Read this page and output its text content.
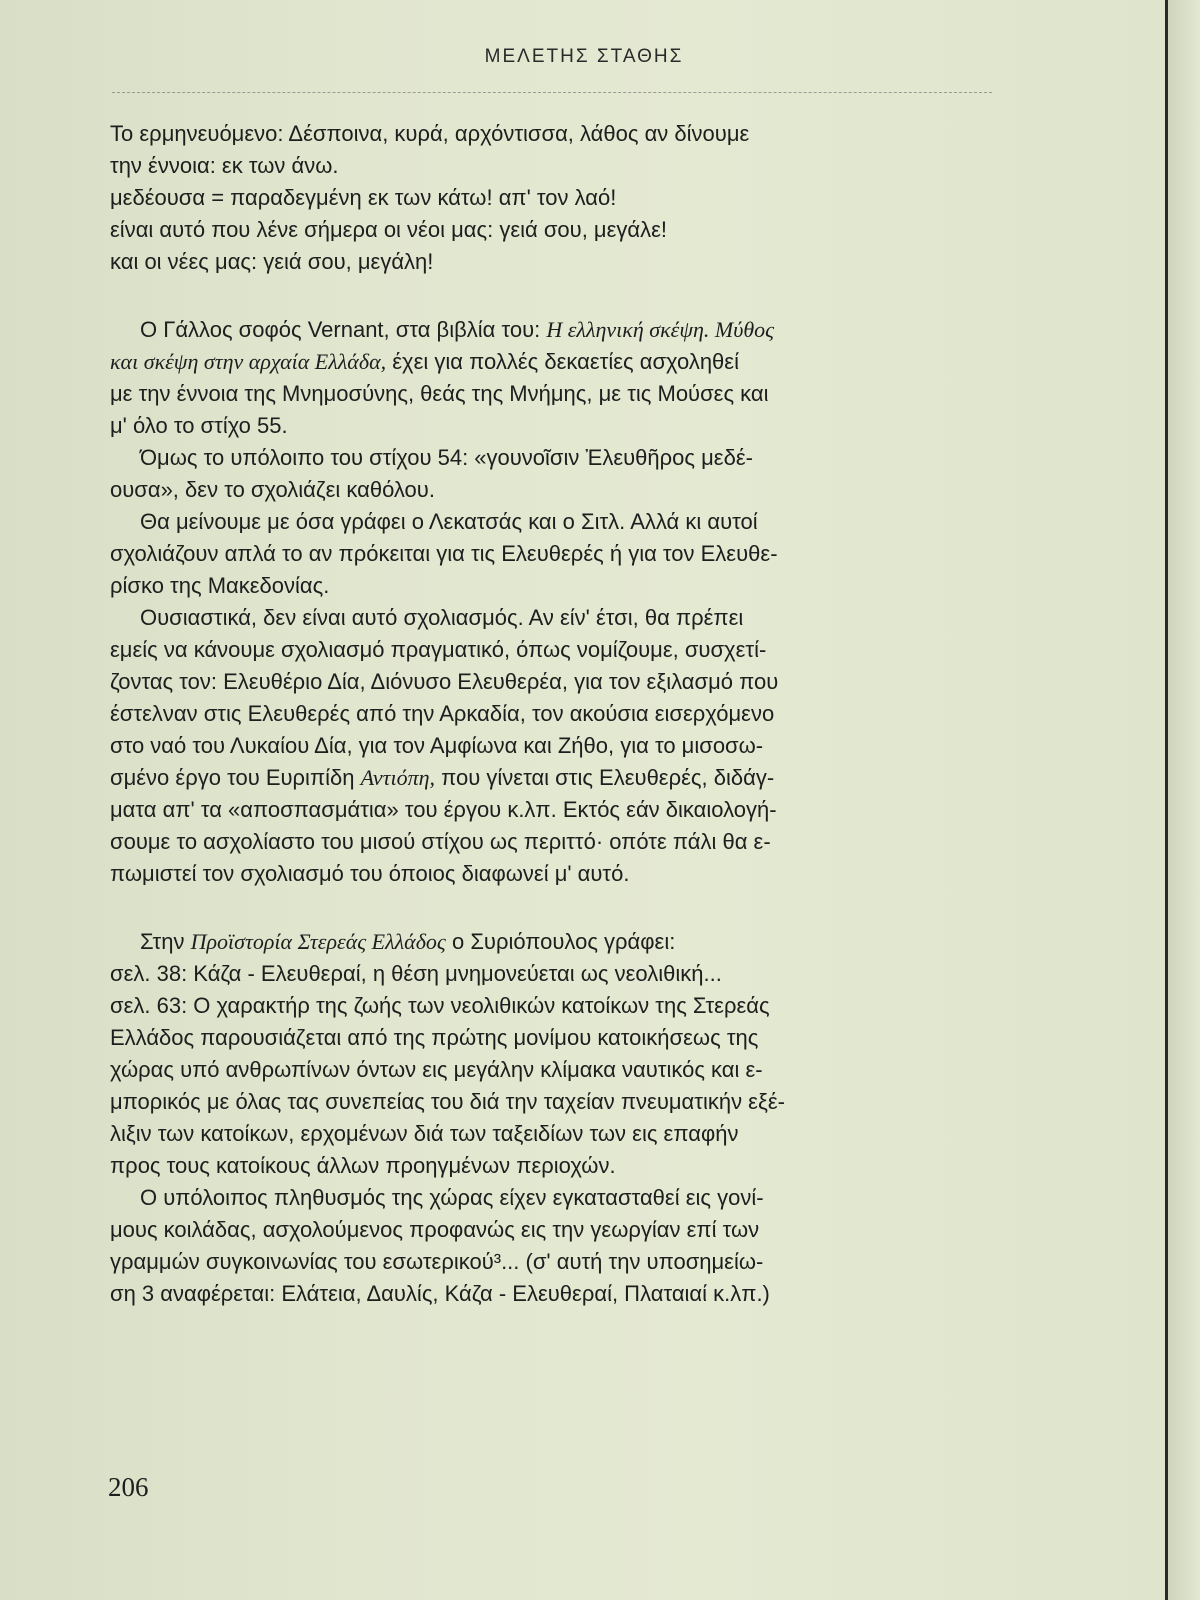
ΜΕΛΕΤΗΣ ΣΤΑΘΗΣ
Το ερμηνευόμενο: Δέσποινα, κυρά, αρχόντισσα, λάθος αν δίνουμε
την έννοια: εκ των άνω.
μεδέουσα = παραδεγμένη εκ των κάτω! απ' τον λαό!
είναι αυτό που λένε σήμερα οι νέοι μας: γειά σου, μεγάλε!
και οι νέες μας: γειά σου, μεγάλη!
Ο Γάλλος σοφός Vernant, στα βιβλία του: Η ελληνική σκέψη. Μύθος
και σκέψη στην αρχαία Ελλάδα, έχει για πολλές δεκαετίες ασχοληθεί
με την έννοια της Μνημοσύνης, θεάς της Μνήμης, με τις Μούσες και
μ' όλο το στίχο 55.
Όμως το υπόλοιπο του στίχου 54: «γουνοῖσιν Ἐλευθῆρος μεδέ-
ουσα», δεν το σχολιάζει καθόλου.
Θα μείνουμε με όσα γράφει ο Λεκατσάς και ο Σιτλ. Αλλά κι αυτοί
σχολιάζουν απλά το αν πρόκειται για τις Ελευθερές ή για τον Ελευθε-
ρίσκο της Μακεδονίας.
Ουσιαστικά, δεν είναι αυτό σχολιασμός. Αν είν' έτσι, θα πρέπει
εμείς να κάνουμε σχολιασμό πραγματικό, όπως νομίζουμε, συσχετί-
ζοντας τον: Ελευθέριο Δία, Διόνυσο Ελευθερέα, για τον εξιλασμό που
έστελναν στις Ελευθερές από την Αρκαδία, τον ακούσια εισερχόμενο
στο ναό του Λυκαίου Δία, για τον Αμφίωνα και Ζήθο, για το μισοσω-
σμένο έργο του Ευριπίδη Αντιόπη, που γίνεται στις Ελευθερές, διδάγ-
ματα απ' τα «αποσπασμάτια» του έργου κ.λπ. Εκτός εάν δικαιολογή-
σουμε το ασχολίαστο του μισού στίχου ως περιττό· οπότε πάλι θα ε-
πωμιστεί τον σχολιασμό του όποιος διαφωνεί μ' αυτό.
Στην Προϊστορία Στερεάς Ελλάδος ο Συριόπουλος γράφει:
σελ. 38: Κάζα - Ελευθεραί, η θέση μνημονεύεται ως νεολιθική...
σελ. 63: Ο χαρακτήρ της ζωής των νεολιθικών κατοίκων της Στερεάς
Ελλάδος παρουσιάζεται από της πρώτης μονίμου κατοικήσεως της
χώρας υπό ανθρωπίνων όντων εις μεγάλην κλίμακα ναυτικός και ε-
μπορικός με όλας τας συνεπείας του διά την ταχείαν πνευματικήν εξέ-
λιξιν των κατοίκων, ερχομένων διά των ταξειδίων των εις επαφήν
προς τους κατοίκους άλλων προηγμένων περιοχών.
Ο υπόλοιπος πληθυσμός της χώρας είχεν εγκατασταθεί εις γονί-
μους κοιλάδας, ασχολούμενος προφανώς εις την γεωργίαν επί των
γραμμών συγκοινωνίας του εσωτερικού³... (σ' αυτή την υποσημείω-
ση 3 αναφέρεται: Ελάτεια, Δαυλίς, Κάζα - Ελευθεραί, Πλαταιαί κ.λπ.)
206
